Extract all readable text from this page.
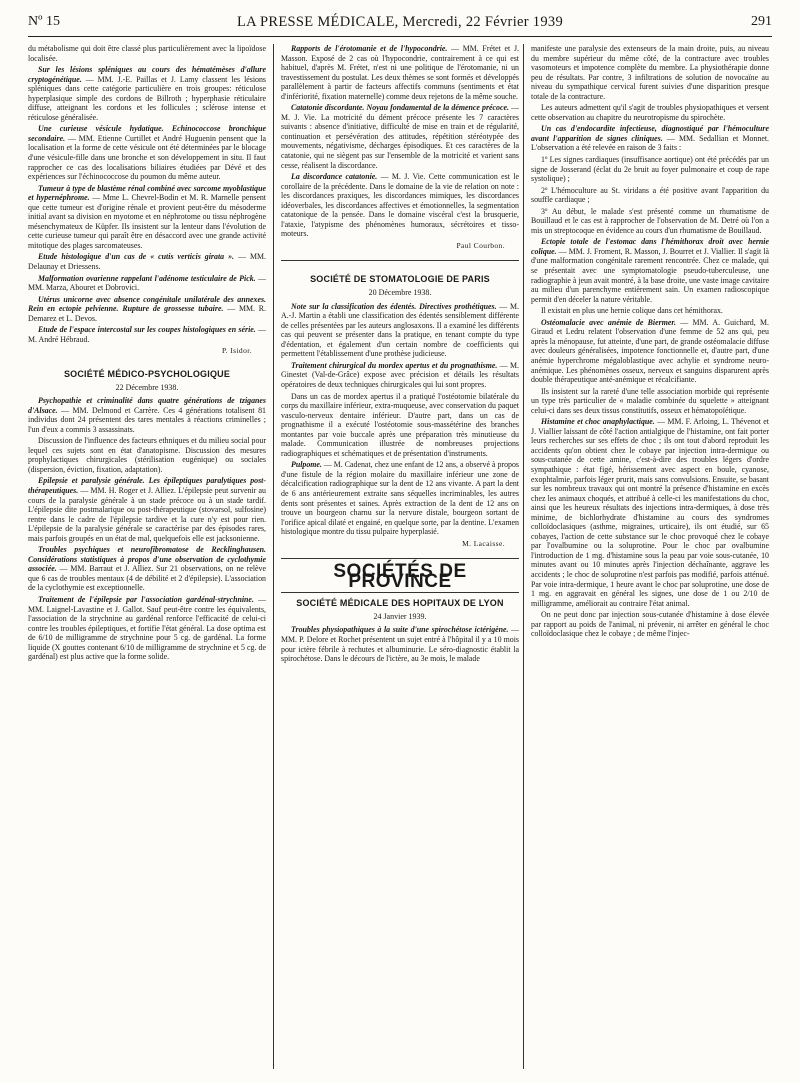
Nº 15	LA PRESSE MÉDICALE, Mercredi, 22 Février 1939	291

du métabolisme qui doit être classé plus particulièrement avec la lipoïdose localisée.

Sur les lésions spléniques au cours des hématémèses d'allure cryptogénétique. — MM. J.-E. Paillas et J. Lamy classent les lésions spléniques dans cette catégorie particulière en trois groupes: réticulose hyperplasique simple des cordons de Billroth ; hyperphasie réticulaire diffuse, atteignant les cordons et les follicules ; sclérose intense et réticulose généralisée.

Une curieuse vésicule hydatique. Echinococcose bronchique secondaire. — MM. Etienne Curtillet et André Huguenin pensent que la localisation et la forme de cette vésicule ont été déterminées par le blocage d'une vésicule-fille dans une bronche et son développement in situ. Il faut rapprocher ce cas des localisations biliaires étudiées par Dévé et des expériences sur l'échinococcose du poumon du même auteur.

Tumeur à type de blastème rénal combiné avec sarcome myoblastique et hypernéphrome. — Mme L. Chevrel-Bodin et M. R. Marnelle pensent que cette tumeur est d'origine rénale et provient peut-être du mésoderme initial avant sa division en myotome et en néphrotome ou tissu néphrogène mésenchymateux de Küpfer. Ils insistent sur la lenteur dans l'évolution de cette curieuse tumeur qui paraît être en désaccord avec une grande activité mitotique des plages sarcomateuses.

Etude histologique d'un cas de « cutis verticis girata ». — MM. Delaunay et Driessens.

Malformation ovarienne rappelant l'adénome testiculaire de Pick. — MM. Marza, Abouret et Dobrovici.

Utérus unicorne avec absence congénitale unilatérale des annexes. Rein en ectopie pelvienne. Rupture de grossesse tubaire. — MM. R. Demarez et L. Devos.

Etude de l'espace intercostal sur les coupes histologiques en série. — M. André Hébraud.

P. Isidor.
SOCIÉTÉ MÉDICO-PSYCHOLOGIQUE
22 Décembre 1938.

Psychopathie et criminalité dans quatre générations de tziganes d'Alsace. — MM. Delmond et Carrère. Ces 4 générations totalisent 81 individus dont 24 présentent des tares mentales à réactions criminelles ; l'un d'eux a commis 3 assassinats.

Discussion de l'influence des facteurs ethniques et du milieu social pour lequel ces sujets sont en état d'anatopisme. Discussion des mesures prophylactiques chirurgicales (stérilisation eugénique) ou sociales (dispersion, éviction, fixation, adaptation).

Epilepsie et paralysie générale. Les épileptiques paralytiques post-thérapeutiques. — MM. H. Roger et J. Alliez. L'épilepsie peut survenir au cours de la paralysie générale à un stade précoce ou à un stade tardif. L'épilepsie dite postmalarique ou post-thérapeutique (stovarsol, sulfosine) rentre dans le cadre de l'épilepsie tardive et la cure n'y est pour rien. L'épilepsie de la paralysie générale se caractérise par des épisodes rares, mais parfois groupés en un état de mal, quelquefois elle est jacksonienne.

Troubles psychiques et neurofibromatose de Recklinghausen. Considérations statistiques à propos d'une observation de cyclothymie associée. — MM. Barraut et J. Alliez. Sur 21 observations, on ne relève que 6 cas de troubles mentaux (4 de débilité et 2 d'épilepsie). L'association de la cyclothymie est exceptionnelle.

Traitement de l'épilepsie par l'association gardénal-strychnine. — MM. Laignel-Lavastine et J. Gallot. Sauf peut-être contre les équivalents, l'association de la strychnine au gardénal renforce l'efficacité de celui-ci contre les troubles épileptiques, et fortifie l'état général. La dose optima est de 6/10 de milligramme de strychnine pour 5 cg. de gardénal. La forme liquide (X gouttes contenant 6/10 de milligramme de strychnine et 5 cg. de gardénal) est plus active que la forme solide.

Rapports de l'érotomanie et de l'hypocondrie. — MM. Frétet et J. Masson. Exposé de 2 cas où l'hypocondrie, contrairement à ce qui est habituel, d'après M. Frétet, n'est ni une politique de l'érotomanie, ni un travestissement du postulat. Les deux thèmes se sont formés et développés parallèlement à partir de facteurs affectifs communs (sentiments et état d'infériorité, fixation maternelle) comme deux rejetons de la même souche.

Catatonie discordante. Noyau fondamental de la démence précoce. — M. J. Vie. La motricité du dément précoce présente les 7 caractères suivants : absence d'initiative, difficulté de mise en train et de régularité, continuation et persévération des attitudes, répétition stéréotypée des mouvements, négativisme, décharges épisodiques. Et ces caractères de la catatonie, qui ne siègent pas sur l'ensemble de la motricité et varient sans cesse, réalisent la discordance.

La discordance catatonie. — M. J. Vie. Cette communication est le corollaire de la précédente. Dans le domaine de la vie de relation on note : les discordances praxiques, les discordances mimiques, les discordances idéoverbales, les discordances affectives et émotionnelles, la segmentation catatonique de la pensée. Dans le domaine viscéral c'est la brusquerie, l'ataxie, l'atypisme des phénomènes humoraux, sécrétoires et tisso-moteurs.

Paul Courbon.
SOCIÉTÉ DE STOMATOLOGIE DE PARIS
20 Décembre 1938.

Note sur la classification des édentés. Directives prothétiques. — M. A.-J. Martin a établi une classification des édentés sensiblement différente de celles présentées par les auteurs anglosaxons. Il a examiné les différents cas qui peuvent se présenter dans la pratique, en tenant compte du type d'édentation, et également d'un certain nombre de coefficients qui permettent l'établissement d'une prothèse judicieuse.

Traitement chirurgical du mordex apertus et du prognathisme. — M. Ginestet (Val-de-Grâce) expose avec précision et détails les résultats opératoires de deux techniques chirurgicales qui lui sont propres.

Dans un cas de mordex apertus il a pratiqué l'ostéotomie bilatérale du corps du maxillaire inférieur, extra-muqueuse, avec conservation du paquet vasculo-nerveux dentaire inférieur. D'autre part, dans un cas de prognathisme il a exécuté l'ostéotomie sous-massétérine des branches montantes par voie buccale après une préparation très minutieuse du malade. Communication illustrée de nombreuses projections radiographiques et schématiques et de présentation d'instruments.

Pulpome. — M. Cadenat, chez une enfant de 12 ans, a observé à propos d'une fistule de la région molaire du maxillaire inférieur une zone de décalcification radiographique sur la dent de 12 ans vivante. A part la dent de 6 ans antérieurement extraite sans séquelles incriminables, les autres dents sont présentes et saines. Après extraction de la dent de 12 ans on trouve un bourgeon charnu sur la nervure distale, bourgeon sortant de l'orifice apical dilaté et engainé, en quelque sorte, par la dentine. L'examen histologique montre du tissu pulpaire hyperplasié.

M. Lacaisse.
SOCIÉTÉS DE PROVINCE
SOCIÉTÉ MÉDICALE DES HOPITAUX DE LYON
24 Janvier 1939.

Troubles physiopathiques à la suite d'une spirochétose ictérigène. — MM. P. Delore et Rochet présentent un sujet entré à l'hôpital il y a 10 mois pour ictère fébrile à rechutes et albuminurie. Le séro-diagnostic établit la spirochétose. Dans le décours de l'ictère, au 3e mois, le malade

manifeste une paralysie des extenseurs de la main droite, puis, au niveau du membre supérieur du même côté, de la contracture avec troubles vasomoteurs et impotence complète du membre. La physiothérapie donne peu de résultats. Par contre, 3 infiltrations de solution de novocaïne au niveau du sympathique cervical furent suivies d'une disparition presque totale de la contracture.

Les auteurs admettent qu'il s'agit de troubles physiopathiques et versent cette observation au chapitre du neurotropisme du spirochète.

Un cas d'endocardite infectieuse, diagnostiqué par l'hémoculture avant l'apparition de signes cliniques. — MM. Sedallian et Monnet. L'observation a été relevée en raison de 3 faits :

1º Les signes cardiaques (insuffisance aortique) ont été précédés par un signe de Josserand (éclat du 2e bruit au foyer pulmonaire et coup de rape systolique) ;

2º L'hémoculture au St. viridans a été positive avant l'apparition du souffle cardiaque ;

3º Au début, le malade s'est présenté comme un rhumatisme de Bouillaud et le cas est à rapprocher de l'observation de M. Detré où l'on a mis un streptocoque en évidence au cours d'un rhumatisme de Bouillaud.

Ectopie totale de l'estomac dans l'hémithorax droit avec hernie colique. — MM. J. Froment, R. Masson, J. Bourret et J. Viallier. Il s'agit là d'une malformation congénitale rarement rencontrée. Chez ce malade, qui se présentait avec une symptomatologie pseudo-tuberculeuse, une radiographie à jeun avait montré, à la base droite, une vaste image cavitaire au milieu d'un parenchyme entièrement sain. Un examen radioscopique permit d'en déceler la nature véritable.

Il existait en plus une hernie colique dans cet hémithorax.

Ostéomalacie avec anémie de Biermer. — MM. A. Guichard, M. Giraud et Ledru relatent l'observation d'une femme de 52 ans qui, peu après la ménopause, fut atteinte, d'une part, de grande ostéomalacie diffuse avec douleurs généralisées, impotence fonctionnelle et, d'autre part, d'une anémie hyperchrome mégaloblastique avec achylie et syndrome neuro-anémique. Les phénomènes osseux, nerveux et sanguins disparurent après double thérapeutique anté-anémique et récalcifiante.

Ils insistent sur la rareté d'une telle association morbide qui représente un type très particulier de « maladie combinée du squelette » atteignant celui-ci dans ses deux tissus constitutifs, osseux et hématopoïétique.

Histamine et choc anaphylactique. — MM. F. Arloing, L. Thévenot et J. Viallier laissant de côté l'action antialgique de l'histamine, ont fait porter leurs recherches sur ses effets de choc ; ils ont tout d'abord reproduit les accidents qu'on obtient chez le cobaye par injection intra-dermique ou sous-cutanée de cette amine, c'est-à-dire des troubles légers d'ordre sympathique : état figé, hérissement avec aspect en boule, cyanose, exophtalmie, parfois léger prurit, mais sans convulsions. Ensuite, se basant sur les nombreux travaux qui ont montré la présence d'histamine en excès chez les animaux choqués, et attribué à celle-ci les manifestations du choc, ainsi que les heureux résultats des injections intra-dermiques, à dose très minime, de bichlorhydrate d'histamine au cours des syndromes colloïdoclasiques (asthme, migraines, urticaire), ils ont étudié, sur 65 cobayes, l'action de cette substance sur le choc provoqué chez le cobaye par l'ovalbumine ou la soluprotine. Pour le choc par ovalbumine l'introduction de 1 mg. d'histamine sous la peau par voie sous-cutanée, 10 minutes avant ou 10 minutes après l'injection déchaînante, aggrave les accidents ; le choc de soluprotine n'est parfois pas modifié, parfois atténué. Par voie intra-dermique, 1 heure avant le choc par soluprotine, une dose de 1 mg. en aggravait en général les signes, une dose de 1 ou 2/10 de milligramme, améliorait au contraire l'état animal.

On ne peut donc par injection sous-cutanée d'histamine à dose élevée par rapport au poids de l'animal, ni prévenir, ni arrêter en général le choc colloïdoclasique chez le cobaye ; de même l'injec-
